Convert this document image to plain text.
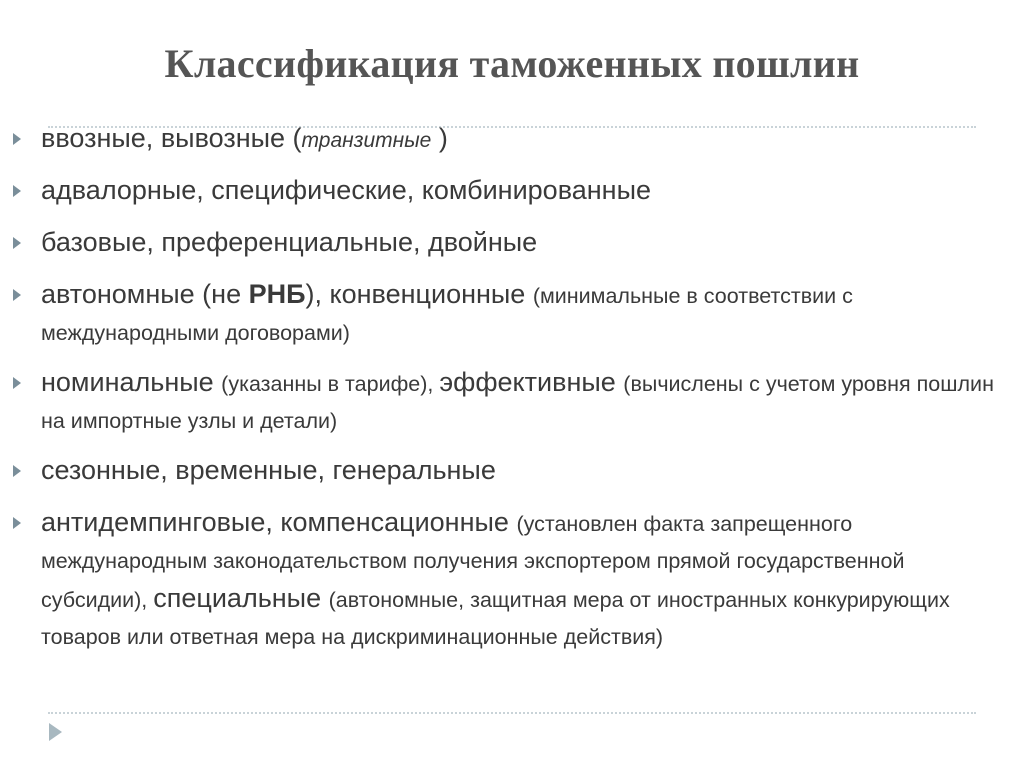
Классификация таможенных пошлин
ввозные, вывозные (транзитные )
адвалорные, специфические, комбинированные
базовые, преференциальные, двойные
автономные (не РНБ), конвенционные (минимальные в соответствии с международными договорами)
номинальные (указанны в тарифе), эффективные (вычислены с учетом уровня пошлин на импортные узлы и детали)
сезонные, временные, генеральные
антидемпинговые, компенсационные (установлен факта запрещенного международным законодательством получения экспортером прямой государственной субсидии), специальные (автономные, защитная мера от иностранных конкурирующих товаров или ответная мера на дискриминационные действия)
